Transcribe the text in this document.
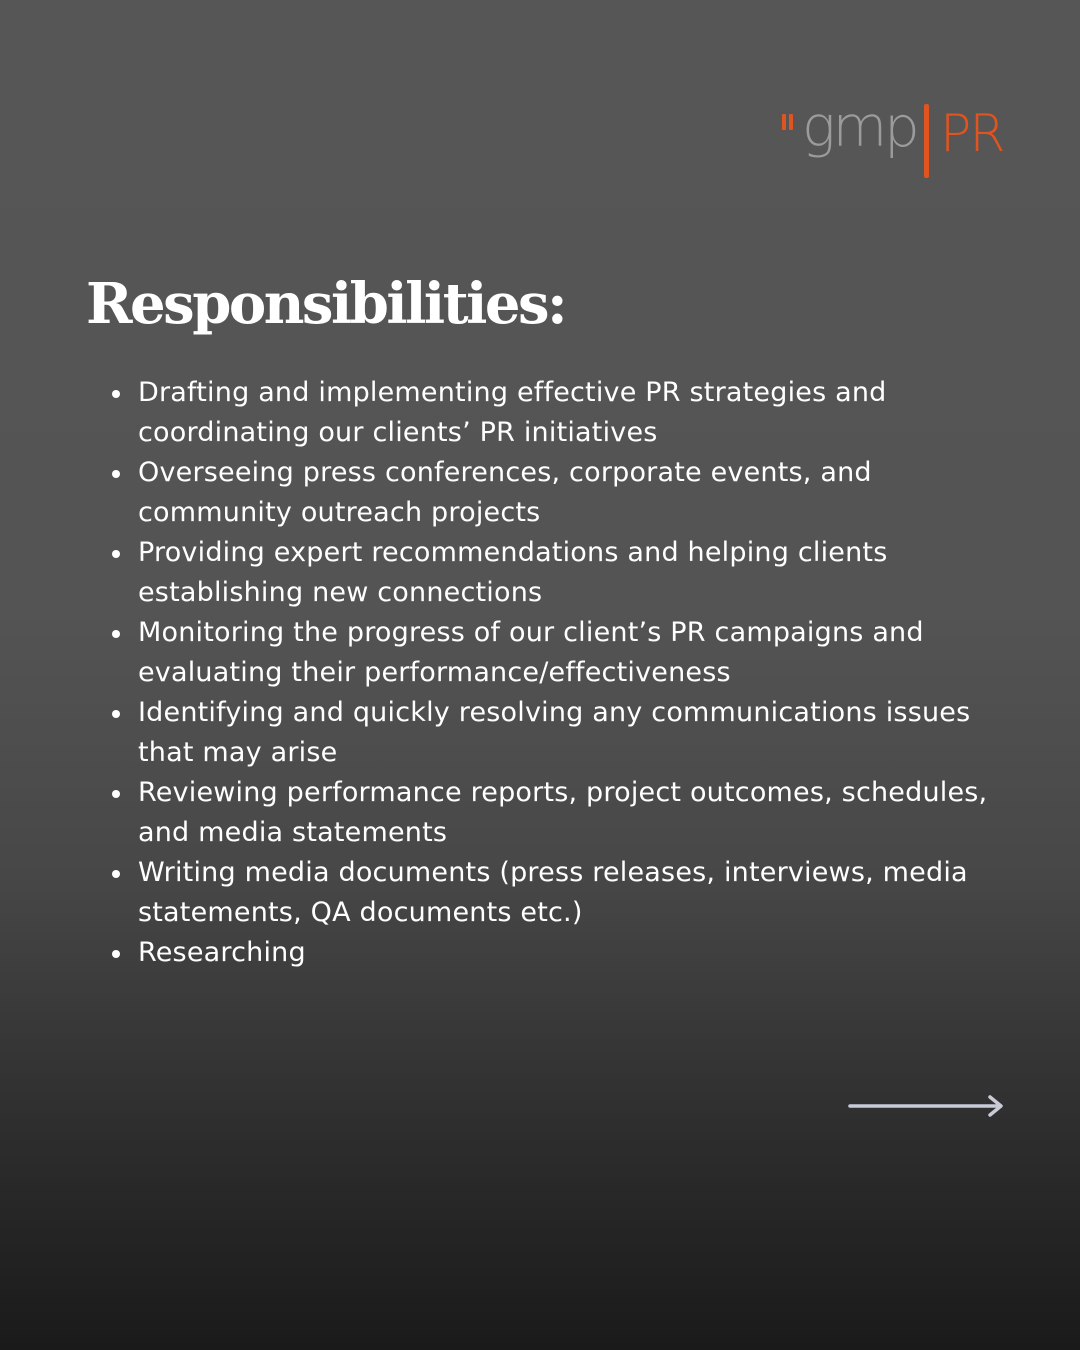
gmp PR
Responsibilities:
Drafting and implementing effective PR strategies and coordinating our clients’ PR initiatives
Overseeing press conferences, corporate events, and community outreach projects
Providing expert recommendations and helping clients establishing new connections
Monitoring the progress of our client’s PR campaigns and evaluating their performance/effectiveness
Identifying and quickly resolving any communications issues that may arise
Reviewing performance reports, project outcomes, schedules, and media statements
Writing media documents (press releases, interviews, media statements, QA documents etc.)
Researching
